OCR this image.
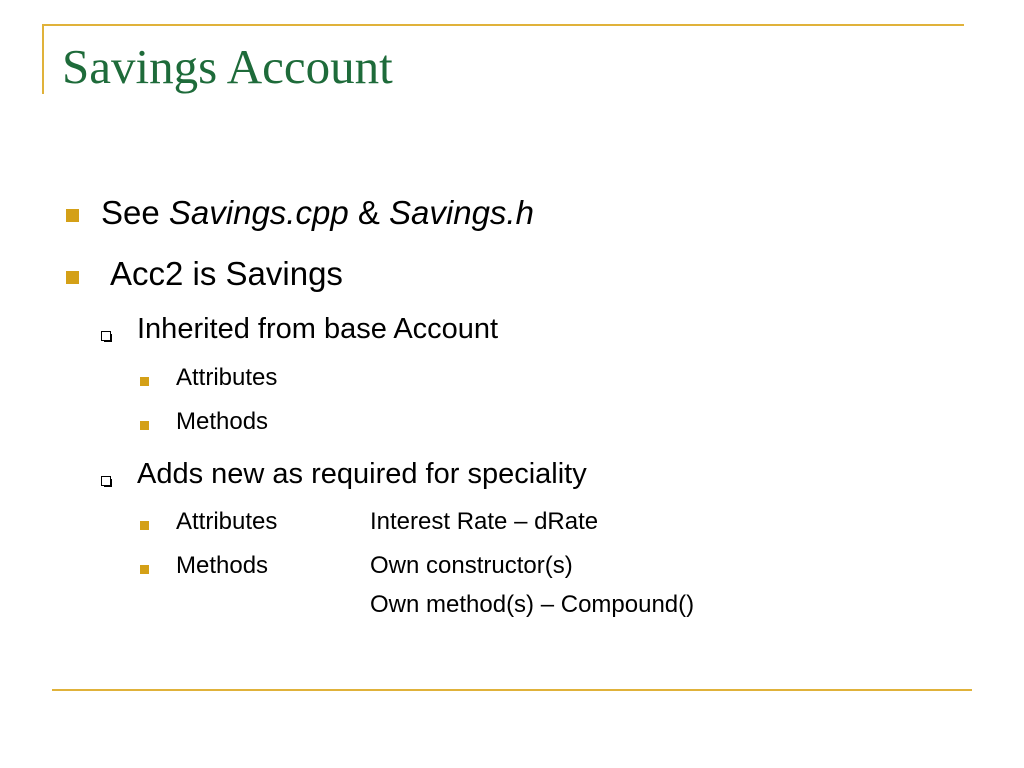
Savings Account
See Savings.cpp & Savings.h
Acc2 is Savings
Inherited from base Account
Attributes
Methods
Adds new as required for speciality
Attributes	Interest Rate – dRate
Methods	Own constructor(s)
Own method(s) – Compound()
